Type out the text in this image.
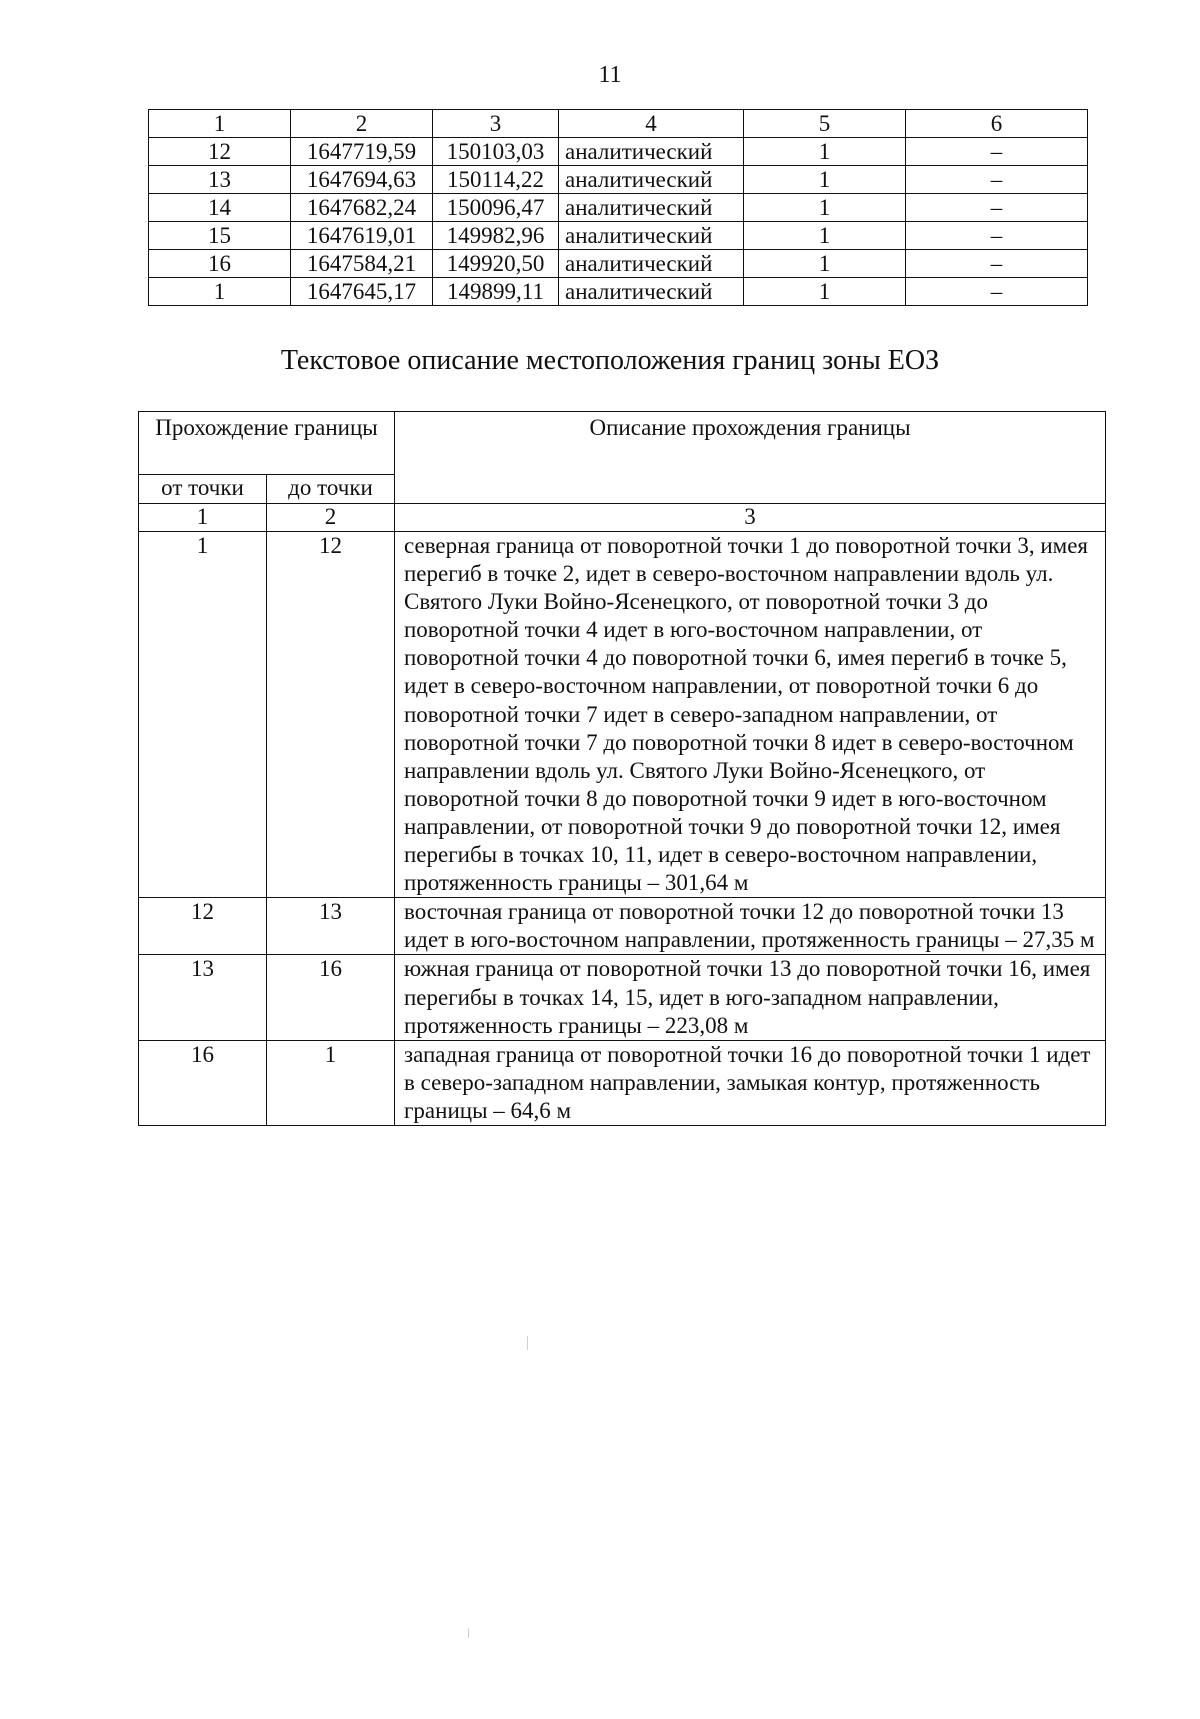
11
1	2	3	4	5	6
12	1647719,59	150103,03	аналитический	1	–
13	1647694,63	150114,22	аналитический	1	–
14	1647682,24	150096,47	аналитический	1	–
15	1647619,01	149982,96	аналитический	1	–
16	1647584,21	149920,50	аналитический	1	–
1	1647645,17	149899,11	аналитический	1	–
Текстовое описание местоположения границ зоны ЕОЗ
Прохождение границы		Описание прохождения границы
от точки	до точки	
1	2	3
1	12	северная граница от поворотной точки 1 до поворотной точки 3, имея перегиб в точке 2, идет в северо-восточном направлении вдоль ул. Святого Луки Войно-Ясенецкого, от поворотной точки 3 до поворотной точки 4 идет в юго-восточном направлении, от поворотной точки 4 до поворотной точки 6, имея перегиб в точке 5, идет в северо-восточном направлении, от поворотной точки 6 до поворотной точки 7 идет в северо-западном направлении, от поворотной точки 7 до поворотной точки 8 идет в северо-восточном направлении вдоль ул. Святого Луки Войно-Ясенецкого, от поворотной точки 8 до поворотной точки 9 идет в юго-восточном направлении, от поворотной точки 9 до поворотной точки 12, имея перегибы в точках 10, 11, идет в северо-восточном направлении, протяженность границы – 301,64 м
12	13	восточная граница от поворотной точки 12 до поворотной точки 13 идет в юго-восточном направлении, протяженность границы – 27,35 м
13	16	южная граница от поворотной точки 13 до поворотной точки 16, имея перегибы в точках 14, 15, идет в юго-западном направлении, протяженность границы – 223,08 м
16	1	западная граница от поворотной точки 16 до поворотной точки 1 идет в северо-западном направлении, замыкая контур, протяженность границы – 64,6 м
